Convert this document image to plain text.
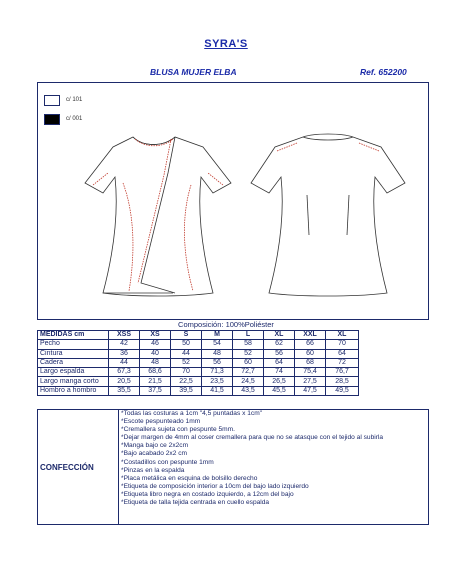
SYRA'S
BLUSA MUJER ELBA	Ref. 652200
c/ 101
c/ 001
Composición: 100%Poliéster
MEDIDAS cm	XSS	XS	S	M	L	XL	XXL	XL
Pecho	42	46	50	54	58	62	66	70
Cintura	36	40	44	48	52	56	60	64
Cadera	44	48	52	56	60	64	68	72
Largo espalda	67,3	68,6	70	71,3	72,7	74	75,4	76,7
Largo manga corto	20,5	21,5	22,5	23,5	24,5	26,5	27,5	28,5
Hombro a hombro	35,5	37,5	39,5	41,5	43,5	45,5	47,5	49,5
CONFECCIÓN
*Todas las costuras a 1cm "4,5 puntadas x 1cm"
*Escote pespunteado 1mm
*Cremallera sujeta con pespunte 5mm.
*Dejar margen de 4mm al coser cremallera para que no se atasque con el tejido al subirla
*Manga bajo ce 2x2cm
*Bajo acabado 2x2 cm
*Costadillos con pespunte 1mm
*Pinzas en la espalda
*Placa metálica en esquina de bolsillo derecho
*Etiqueta de composición interior a 10cm del bajo lado izquierdo
*Etiqueta libro negra en costado izquierdo, a 12cm del bajo
*Etiqueta de talla tejida centrada en cuello espalda
